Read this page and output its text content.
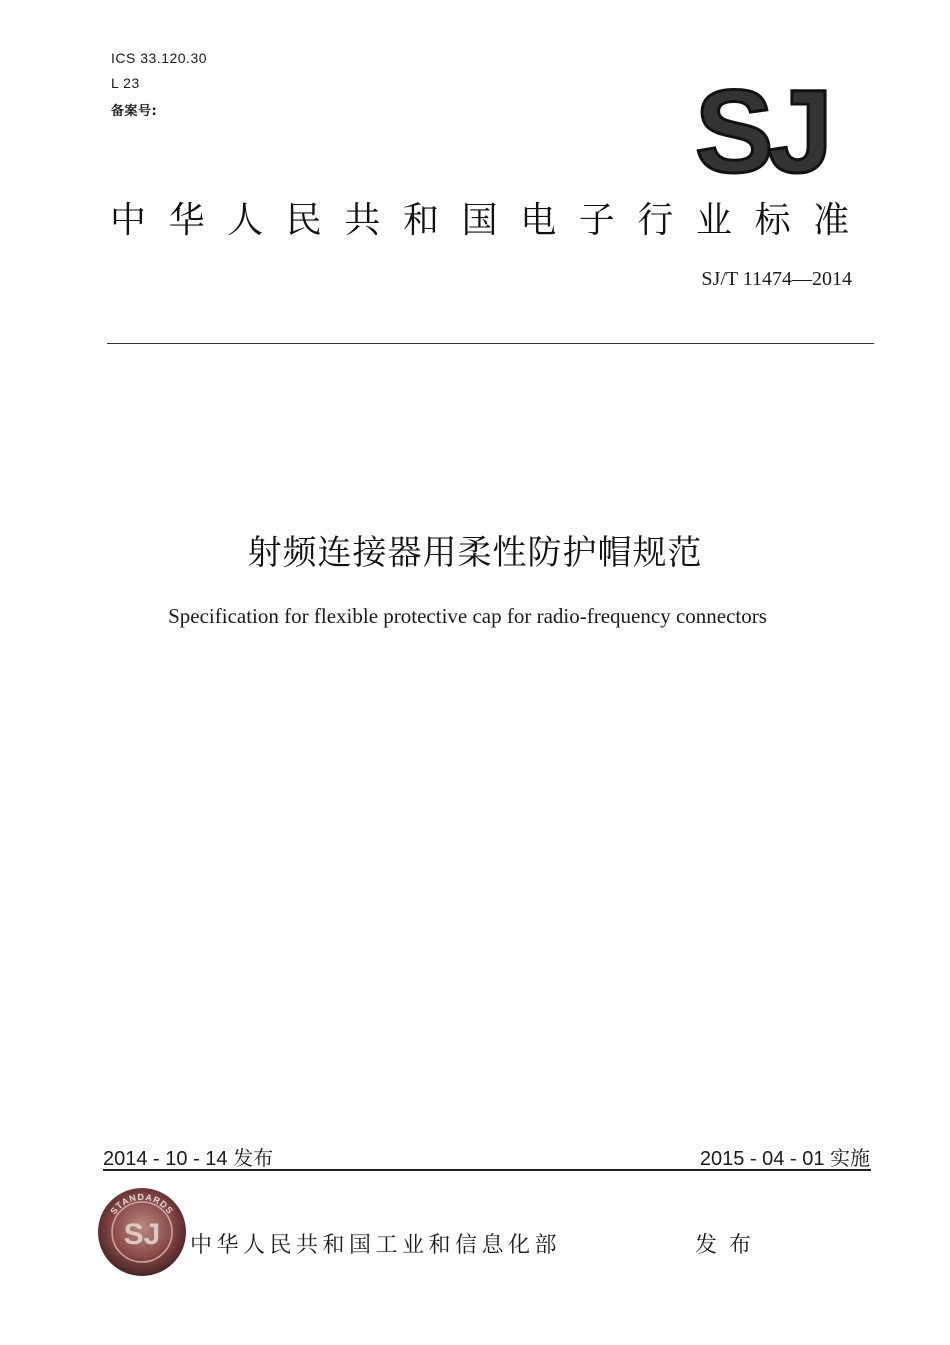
ICS 33.120.30
L 23
备案号:	SJ
中华人民共和国电子行业标准
SJ/T 11474—2014
射频连接器用柔性防护帽规范
Specification for flexible protective cap for radio-frequency connectors
2014 - 10 - 14 发布	2015 - 04 - 01 实施
STANDARDS
SJ 中华人民共和国工业和信息化部	发布
